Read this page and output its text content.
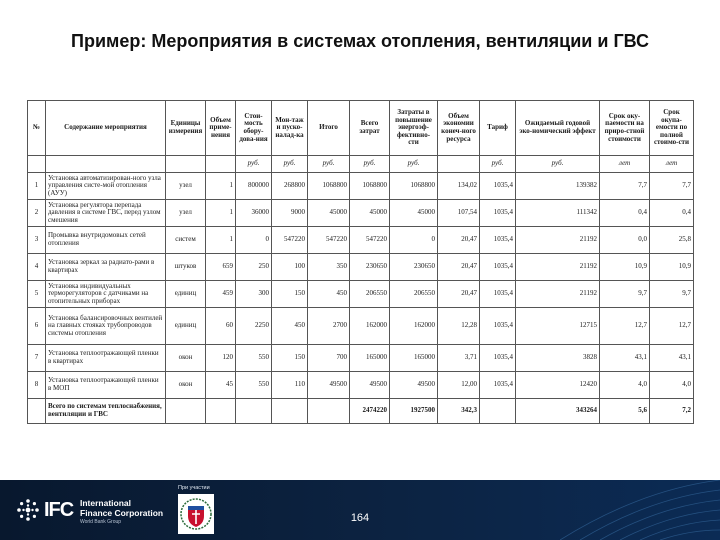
Пример: Мероприятия в системах отопления, вентиляции и ГВС
№	Содержание мероприятия	Единицы измерения	Объем приме-нения	Стои-мость обору-дова-ния	Мон-таж и пуско-налад-ка	Итого	Всего затрат	Затраты в повышение энергоэф-фективно-сти	Объем экономии конеч-ного ресурса	Тариф	Ожидаемый годовой эко-номический эффект	Срок оку-паемости на приро-стной стоимости	Срок окупа-емости по полной стоимо-сти
				руб.	руб.	руб.	руб.	руб.		руб.	руб.	лет	лет
1	Установка автоматизирован-ного узла управления систе-мой отопления (АУУ)	узел	1	800000	268800	1068800	1068800	1068800	134,02	1035,4	139382	7,7	7,7
2	Установка регулятора перепада давления в системе ГВС, перед узлом смешения	узел	1	36000	9000	45000	45000	45000	107,54	1035,4	111342	0,4	0,4
3	Промывка внутридомовых сетей отопления	систем	1	0	547220	547220	547220	0	20,47	1035,4	21192	0,0	25,8
4	Установка зеркал за радиато-рами в квартирах	штуков	659	250	100	350	230650	230650	20,47	1035,4	21192	10,9	10,9
5	Установка индивидуальных терморегуляторов с датчиками на отопительных приборах	единиц	459	300	150	450	206550	206550	20,47	1035,4	21192	9,7	9,7
6	Установка балансировочных вентилей на главных стояках трубопроводов системы отопления	единиц	60	2250	450	2700	162000	162000	12,28	1035,4	12715	12,7	12,7
7	Установка теплоотражающей пленки в квартирах	окон	120	550	150	700	165000	165000	3,71	1035,4	3828	43,1	43,1
8	Установка теплоотражающей пленки в МОП	окон	45	550	110	49500	49500	49500	12,00	1035,4	12420	4,0	4,0
	Всего по системам теплоснабжения, вентиляции и ГВС						2474220	1927500	342,3		343264	5,6	7,2
IFC International
Finance Corporation
World Bank Group
При участии
164
